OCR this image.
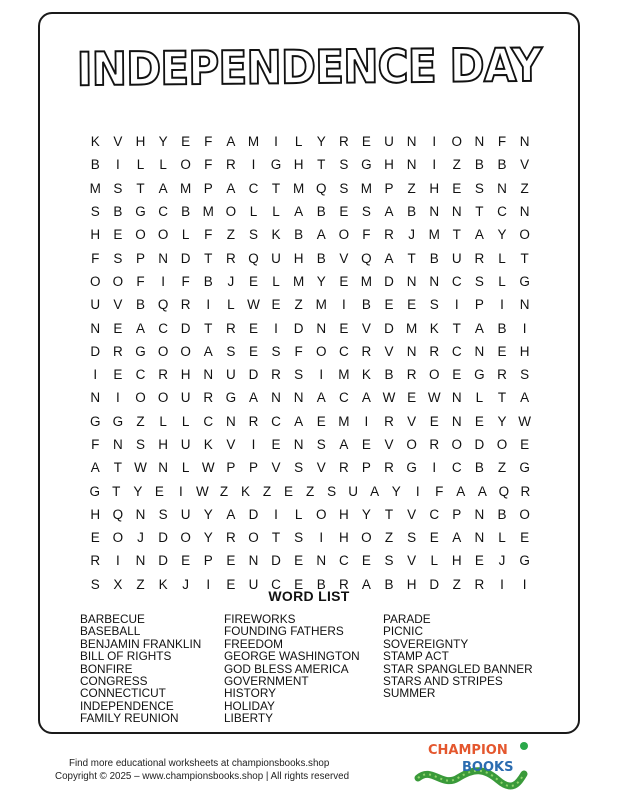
INDEPENDENCE DAY
K	V H Y	E	F	A M	I	L	Y R E U N	I	O N	F	N
B	I	L	L	O F	R	I	G H	T	S G H N	I	Z	B	B	V
M S	T	A M P	A C	T M Q S M P	Z	H E	S N	Z
S	B G C B M O	L	L	A	B	E	S	A	B N N	T	C N
H E O O	L	F	Z	S	K	B	A O F	R	J	M T	A	Y O
F	S	P N D	T	R Q U H B	V Q A	T	B U R	L	T
O O F	I	F	B	J	E	L M Y	E M D N N C S	L	G
U V	B Q R	I	L W E	Z M	I	B	E	E	S	I	P	I	N
N E	A C D	T	R E	I	D N E	V D M K	T	A	B	I
D R G O O A	S	E	S	F O C R V N R C N E H
I	E C R H N U D R S	I	M K	B R O E G R S
N	I	O O U R G A N N A C A W E W N	L	T	A
G G Z	L	L	C N R C A	E M	I	R V	E N E	Y W
F	N S H U K	V	I	E N S	A	E	V O R O D O E
A	T W N	L W P	P	V	S	V R P R G	I	C B	Z G
G T Y E	I W Z K Z E Z S U A Y	I	F A A Q R
H Q N S U Y	A D	I	L	O H Y	T	V C P N B O
E O	J	D O Y R O T	S	I	H O Z	S	E	A N	L	E
R	I	N D E	P	E N D E N C E	S	V	L	H E	J	G
S	X	Z	K	J	I	E U C E	B R A	B H D	Z	R	I	I
WORD LIST
BARBECUE
BASEBALL
BENJAMIN FRANKLIN
BILL OF RIGHTS
BONFIRE
CONGRESS
CONNECTICUT
INDEPENDENCE
FAMILY REUNION
FIREWORKS
FOUNDING FATHERS
FREEDOM
GEORGE WASHINGTON
GOD BLESS AMERICA
GOVERNMENT
HISTORY
HOLIDAY
LIBERTY
PARADE
PICNIC
SOVEREIGNTY
STAMP ACT
STAR SPANGLED BANNER
STARS AND STRIPES
SUMMER
Find more educational worksheets at championsbooks.shop
Copyright © 2025 – www.championsbooks.shop | All rights reserved
CHAMPION
BOOKS
